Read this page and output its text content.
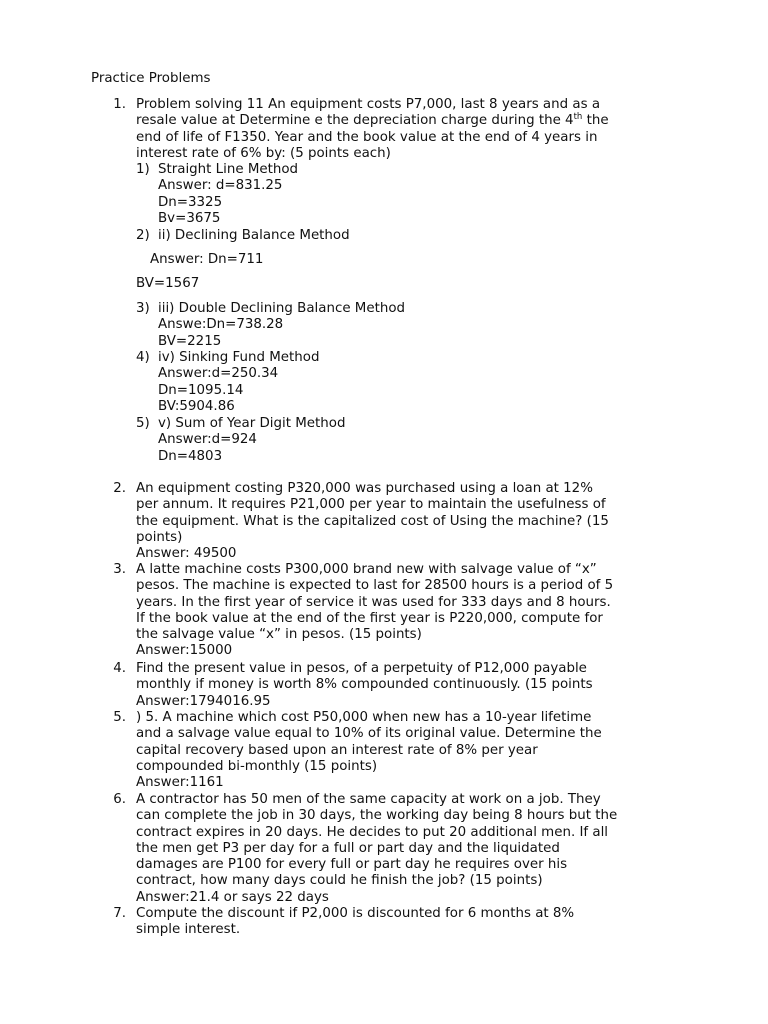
Practice Problems
1. Problem solving 11 An equipment costs P7,000, last 8 years and as a
resale value at Determine e the depreciation charge during the 4th the
end of life of F1350. Year and the book value at the end of 4 years in
interest rate of 6% by: (5 points each)
1) Straight Line Method
Answer: d=831.25
Dn=3325
Bv=3675
2) ii) Declining Balance Method
Answer: Dn=711
BV=1567
3) iii) Double Declining Balance Method
Answe:Dn=738.28
BV=2215
4) iv) Sinking Fund Method
Answer:d=250.34
Dn=1095.14
BV:5904.86
5) v) Sum of Year Digit Method
Answer:d=924
Dn=4803
2. An equipment costing P320,000 was purchased using a loan at 12%
per annum. It requires P21,000 per year to maintain the usefulness of
the equipment. What is the capitalized cost of Using the machine? (15
points)
Answer: 49500
3. A latte machine costs P300,000 brand new with salvage value of “x”
pesos. The machine is expected to last for 28500 hours is a period of 5
years. In the first year of service it was used for 333 days and 8 hours.
If the book value at the end of the first year is P220,000, compute for
the salvage value “x” in pesos. (15 points)
Answer:15000
4. Find the present value in pesos, of a perpetuity of P12,000 payable
monthly if money is worth 8% compounded continuously. (15 points
Answer:1794016.95
5. ) 5. A machine which cost P50,000 when new has a 10-year lifetime
and a salvage value equal to 10% of its original value. Determine the
capital recovery based upon an interest rate of 8% per year
compounded bi-monthly (15 points)
Answer:1161
6. A contractor has 50 men of the same capacity at work on a job. They
can complete the job in 30 days, the working day being 8 hours but the
contract expires in 20 days. He decides to put 20 additional men. If all
the men get P3 per day for a full or part day and the liquidated
damages are P100 for every full or part day he requires over his
contract, how many days could he finish the job? (15 points)
Answer:21.4 or says 22 days
7. Compute the discount if P2,000 is discounted for 6 months at 8%
simple interest.
